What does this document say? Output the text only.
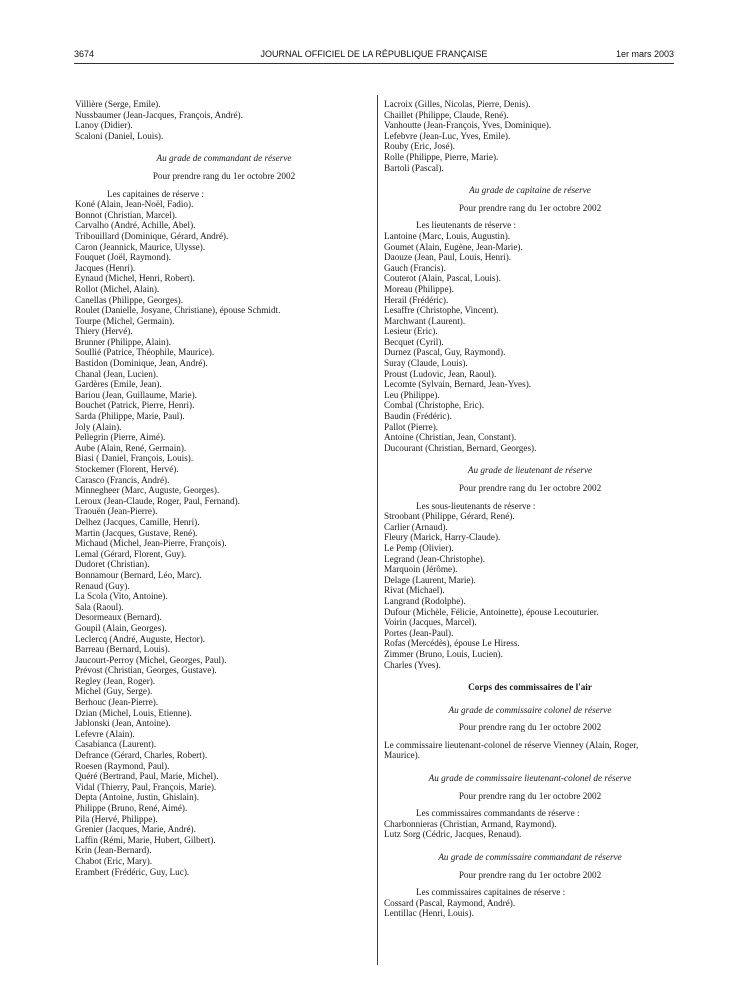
3674	JOURNAL OFFICIEL DE LA RÉPUBLIQUE FRANÇAISE	1er mars 2003
Villière (Serge, Emile).
Nussbaumer (Jean-Jacques, François, André).
Lanoy (Didier).
Scaloni (Daniel, Louis).
Au grade de commandant de réserve
Pour prendre rang du 1er octobre 2002
Les capitaines de réserve :
Koné (Alain, Jean-Noël, Fadio).
Bonnot (Christian, Marcel).
Carvalho (André, Achille, Abel).
Tribouillard (Dominique, Gérard, André).
Caron (Jeannick, Maurice, Ulysse).
Fouquet (Joël, Raymond).
Jacques (Henri).
Eynaud (Michel, Henri, Robert).
Rollot (Michel, Alain).
Canellas (Philippe, Georges).
Roulet (Danielle, Josyane, Christiane), épouse Schmidt.
Tourpe (Michel, Germain).
Thiery (Hervé).
Brunner (Philippe, Alain).
Soullié (Patrice, Théophile, Maurice).
Bastidon (Dominique, Jean, André).
Chanal (Jean, Lucien).
Gardères (Emile, Jean).
Bariou (Jean, Guillaume, Marie).
Bouchet (Patrick, Pierre, Henri).
Sarda (Philippe, Marie, Paul).
Joly (Alain).
Pellegrin (Pierre, Aimé).
Aube (Alain, René, Germain).
Biasi ( Daniel, François, Louis).
Stockemer (Florent, Hervé).
Carasco (Francis, André).
Minnegheer (Marc, Auguste, Georges).
Leroux (Jean-Claude, Roger, Paul, Fernand).
Traouën (Jean-Pierre).
Delhez (Jacques, Camille, Henri).
Martin (Jacques, Gustave, René).
Michaud (Michel, Jean-Pierre, François).
Lemal (Gérard, Florent, Guy).
Dudoret (Christian).
Bonnamour (Bernard, Léo, Marc).
Renaud (Guy).
La Scola (Vito, Antoine).
Sala (Raoul).
Desormeaux (Bernard).
Goupil (Alain, Georges).
Leclercq (André, Auguste, Hector).
Barreau (Bernard, Louis).
Jaucourt-Perroy (Michel, Georges, Paul).
Prévost (Christian, Georges, Gustave).
Regley (Jean, Roger).
Michel (Guy, Serge).
Berhouc (Jean-Pierre).
Dzian (Michel, Louis, Etienne).
Jablonski (Jean, Antoine).
Lefevre (Alain).
Casabianca (Laurent).
Defrance (Gérard, Charles, Robert).
Roesen (Raymond, Paul).
Quéré (Bertrand, Paul, Marie, Michel).
Vidal (Thierry, Paul, François, Marie).
Depta (Antoine, Justin, Ghislain).
Philippe (Bruno, René, Aimé).
Pila (Hervé, Philippe).
Grenier (Jacques, Marie, André).
Laffin (Rémi, Marie, Hubert, Gilbert).
Krin (Jean-Bernard).
Chabot (Eric, Mary).
Erambert (Frédéric, Guy, Luc).
Lacroix (Gilles, Nicolas, Pierre, Denis).
Chaillet (Philippe, Claude, René).
Vanhoutte (Jean-François, Yves, Dominique).
Lefebvre (Jean-Luc, Yves, Emile).
Rouby (Eric, José).
Rolle (Philippe, Pierre, Marie).
Bartoli (Pascal).
Au grade de capitaine de réserve
Pour prendre rang du 1er octobre 2002
Les lieutenants de réserve :
Lantoine (Marc, Louis, Augustin).
Goumet (Alain, Eugène, Jean-Marie).
Daouze (Jean, Paul, Louis, Henri).
Gauch (Francis).
Couterot (Alain, Pascal, Louis).
Moreau (Philippe).
Herail (Frédéric).
Lesaffre (Christophe, Vincent).
Marchwant (Laurent).
Lesieur (Eric).
Becquet (Cyril).
Durnez (Pascal, Guy, Raymond).
Suray (Claude, Louis).
Proust (Ludovic, Jean, Raoul).
Lecomte (Sylvain, Bernard, Jean-Yves).
Leu (Philippe).
Combal (Christophe, Eric).
Baudin (Frédéric).
Pallot (Pierre).
Antoine (Christian, Jean, Constant).
Ducourant (Christian, Bernard, Georges).
Au grade de lieutenant de réserve
Pour prendre rang du 1er octobre 2002
Les sous-lieutenants de réserve :
Stroobant (Philippe, Gérard, René).
Carlier (Arnaud).
Fleury (Marick, Harry-Claude).
Le Pemp (Olivier).
Legrand (Jean-Christophe).
Marquoin (Jérôme).
Delage (Laurent, Marie).
Rivat (Michael).
Langrand (Rodolphe).
Dufour (Michèle, Félicie, Antoinette), épouse Lecouturier.
Voirin (Jacques, Marcel).
Portes (Jean-Paul).
Rofas (Mercédès), épouse Le Hiress.
Zimmer (Bruno, Louis, Lucien).
Charles (Yves).
Corps des commissaires de l'air
Au grade de commissaire colonel de réserve
Pour prendre rang du 1er octobre 2002
Le commissaire lieutenant-colonel de réserve Vienney (Alain, Roger, Maurice).
Au grade de commissaire lieutenant-colonel de réserve
Pour prendre rang du 1er octobre 2002
Les commissaires commandants de réserve :
Charbonnieras (Christian, Armand, Raymond).
Lutz Sorg (Cédric, Jacques, Renaud).
Au grade de commissaire commandant de réserve
Pour prendre rang du 1er octobre 2002
Les commissaires capitaines de réserve :
Cossard (Pascal, Raymond, André).
Lentillac (Henri, Louis).
